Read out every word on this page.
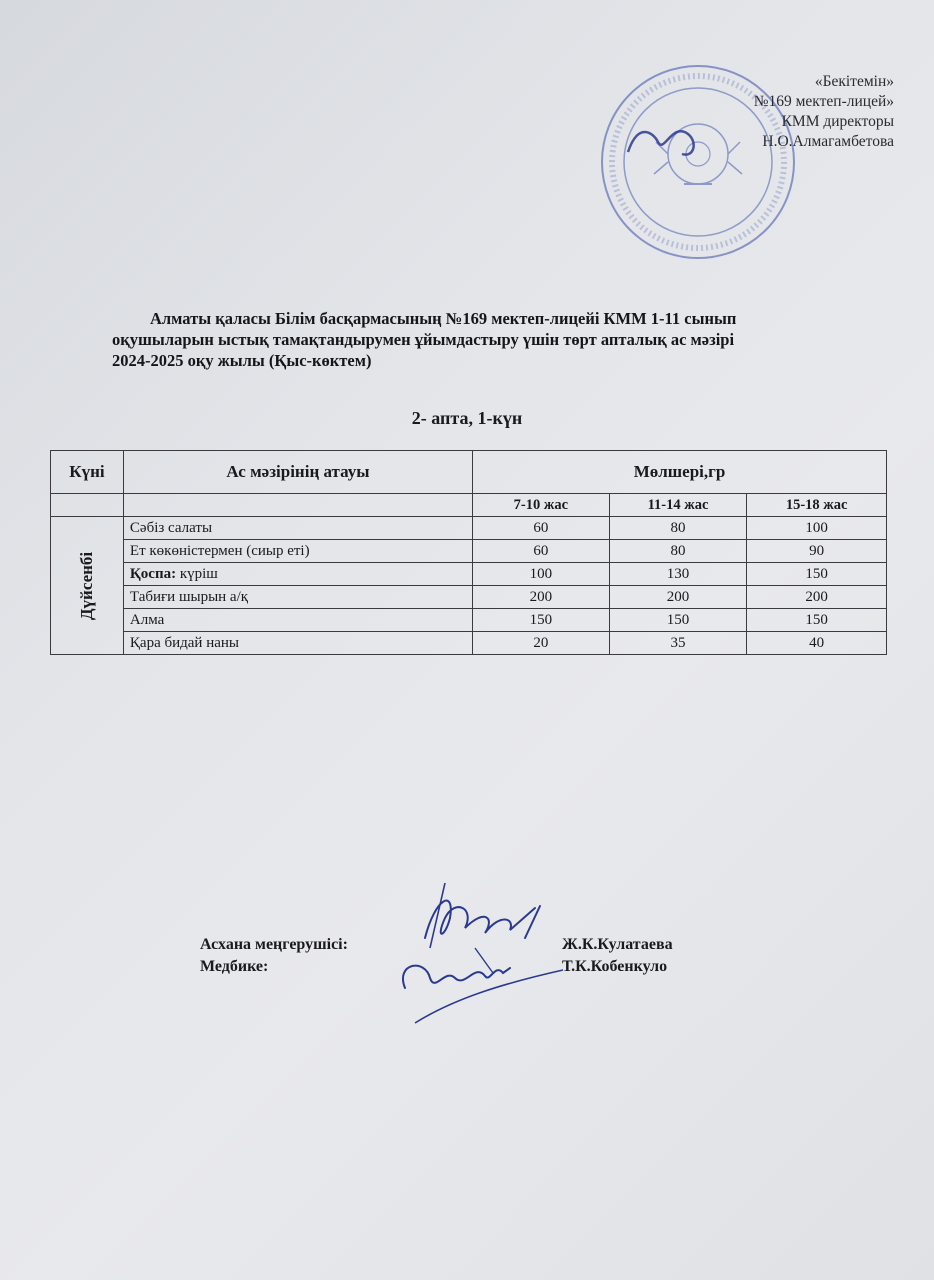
«Бекітемін»
№169 мектеп-лицей»
КММ директоры
Н.О.Алмагамбетова
Алматы қаласы Білім басқармасының №169 мектеп-лицейі КММ 1-11 сынып
оқушыларын ыстық тамақтандырумен ұйымдастыру үшін төрт апталық ас мәзірі
2024-2025 оқу жылы (Қыс-көктем)
2- апта, 1-күн
Күні	Ас мәзірінің атауы	Мөлшері,гр		
		7-10 жас	11-14 жас	15-18 жас

Дүйсенбі	Сәбіз салаты	60	80	100
	Ет көкөністермен (сиыр еті)	60	80	90
	Қоспа: күріш	100	130	150
	Табиғи шырын а/қ	200	200	200
	Алма	150	150	150
	Қара бидай наны	20	35	40
Асхана меңгерушісі:	Ж.К.Кулатаева
Медбике:	Т.К.Кобенкуло
